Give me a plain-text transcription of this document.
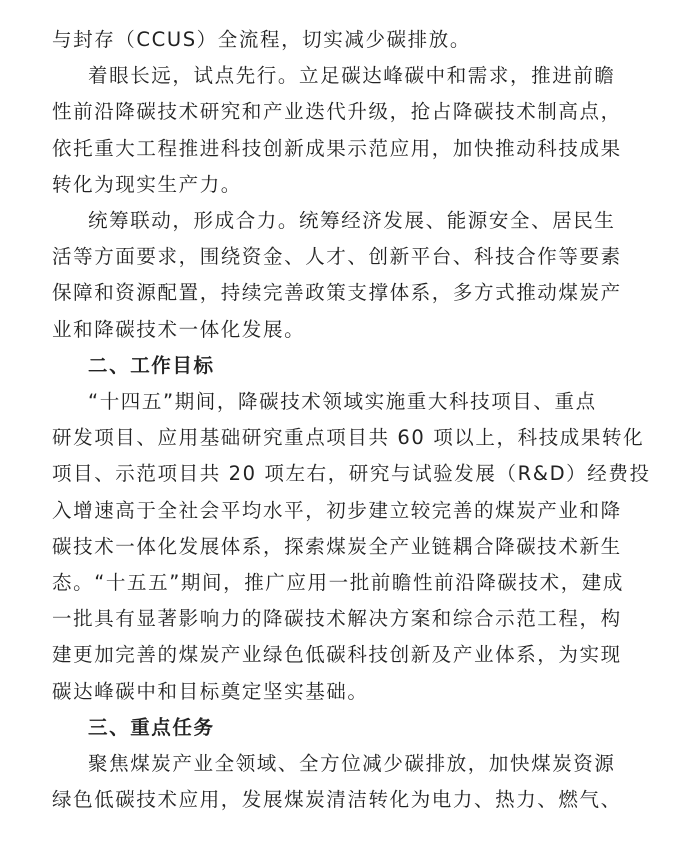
与封存（CCUS）全流程，切实减少碳排放。
着眼长远，试点先行。立足碳达峰碳中和需求，推进前瞻
性前沿降碳技术研究和产业迭代升级，抢占降碳技术制高点，
依托重大工程推进科技创新成果示范应用，加快推动科技成果
转化为现实生产力。
统筹联动，形成合力。统筹经济发展、能源安全、居民生
活等方面要求，围绕资金、人才、创新平台、科技合作等要素
保障和资源配置，持续完善政策支撑体系，多方式推动煤炭产
业和降碳技术一体化发展。
二、工作目标
“十四五”期间，降碳技术领域实施重大科技项目、重点
研发项目、应用基础研究重点项目共 60 项以上，科技成果转化
项目、示范项目共 20 项左右，研究与试验发展（R&D）经费投
入增速高于全社会平均水平，初步建立较完善的煤炭产业和降
碳技术一体化发展体系，探索煤炭全产业链耦合降碳技术新生
态。“十五五”期间，推广应用一批前瞻性前沿降碳技术，建成
一批具有显著影响力的降碳技术解决方案和综合示范工程，构
建更加完善的煤炭产业绿色低碳科技创新及产业体系，为实现
碳达峰碳中和目标奠定坚实基础。
三、重点任务
聚焦煤炭产业全领域、全方位减少碳排放，加快煤炭资源
绿色低碳技术应用，发展煤炭清洁转化为电力、热力、燃气、
